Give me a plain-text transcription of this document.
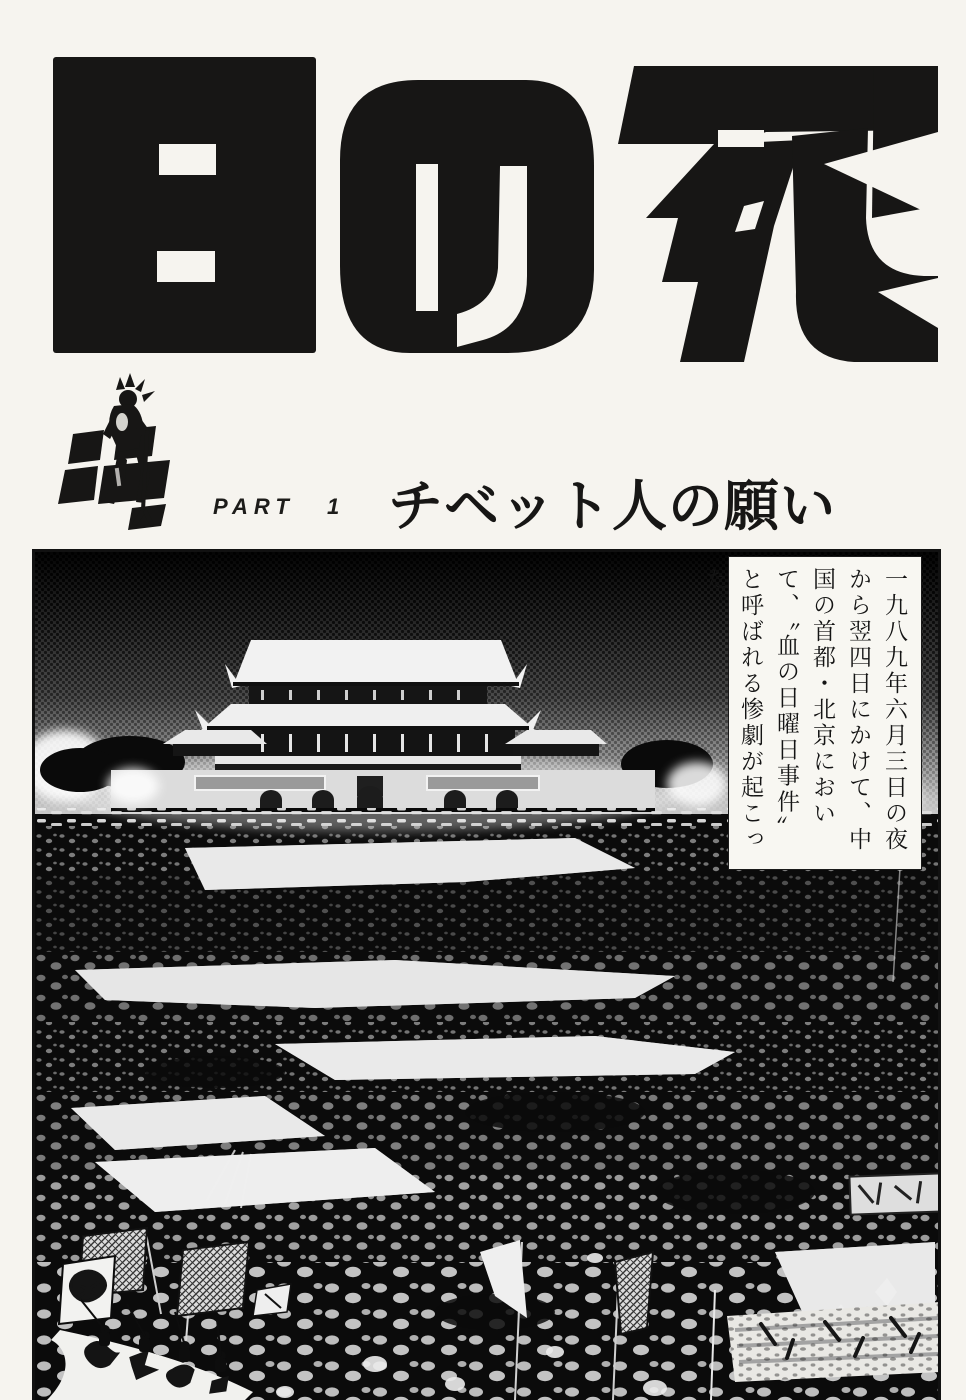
PART 1 チベット人の願い
一九八九年六月三日の夜から翌四日にかけて、中国の首都・北京において、〝血の日曜日事件〟と呼ばれる惨劇が起こった。
